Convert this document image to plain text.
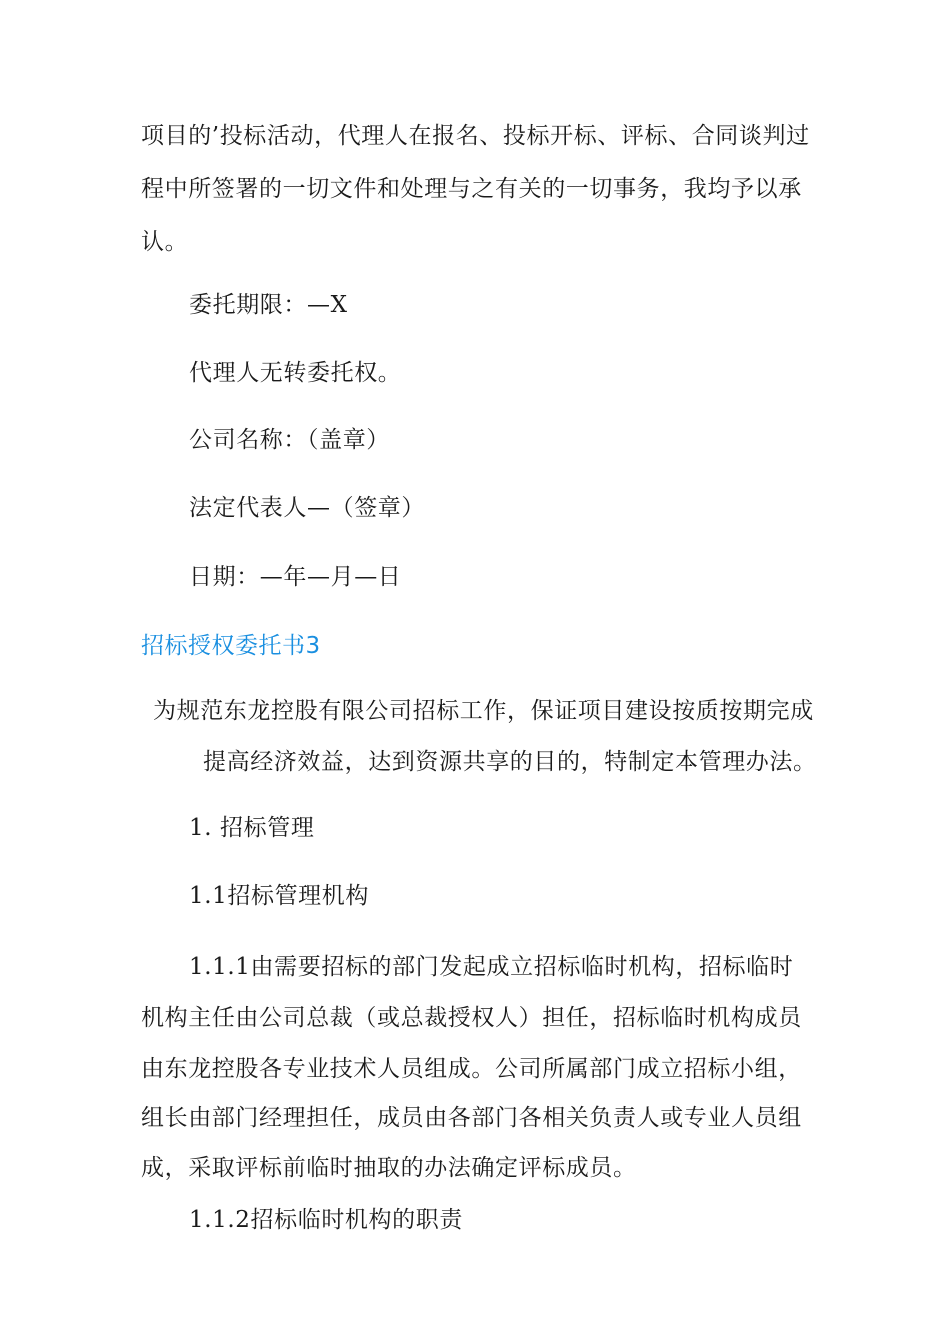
项目的’投标活动，代理人在报名、投标开标、评标、合同谈判过
程中所签署的一切文件和处理与之有关的一切事务，我均予以承
认。
委托期限：—X
代理人无转委托权。
公司名称：（盖章）
法定代表人—（签章）
日期：—年—月—日
招标授权委托书3
为规范东龙控股有限公司招标工作，保证项目建设按质按期完成
提高经济效益，达到资源共享的目的，特制定本管理办法。
1. 招标管理
1.1招标管理机构
1.1.1由需要招标的部门发起成立招标临时机构，招标临时
机构主任由公司总裁（或总裁授权人）担任，招标临时机构成员
由东龙控股各专业技术人员组成。公司所属部门成立招标小组，
组长由部门经理担任，成员由各部门各相关负责人或专业人员组
成，采取评标前临时抽取的办法确定评标成员。
1.1.2招标临时机构的职责
